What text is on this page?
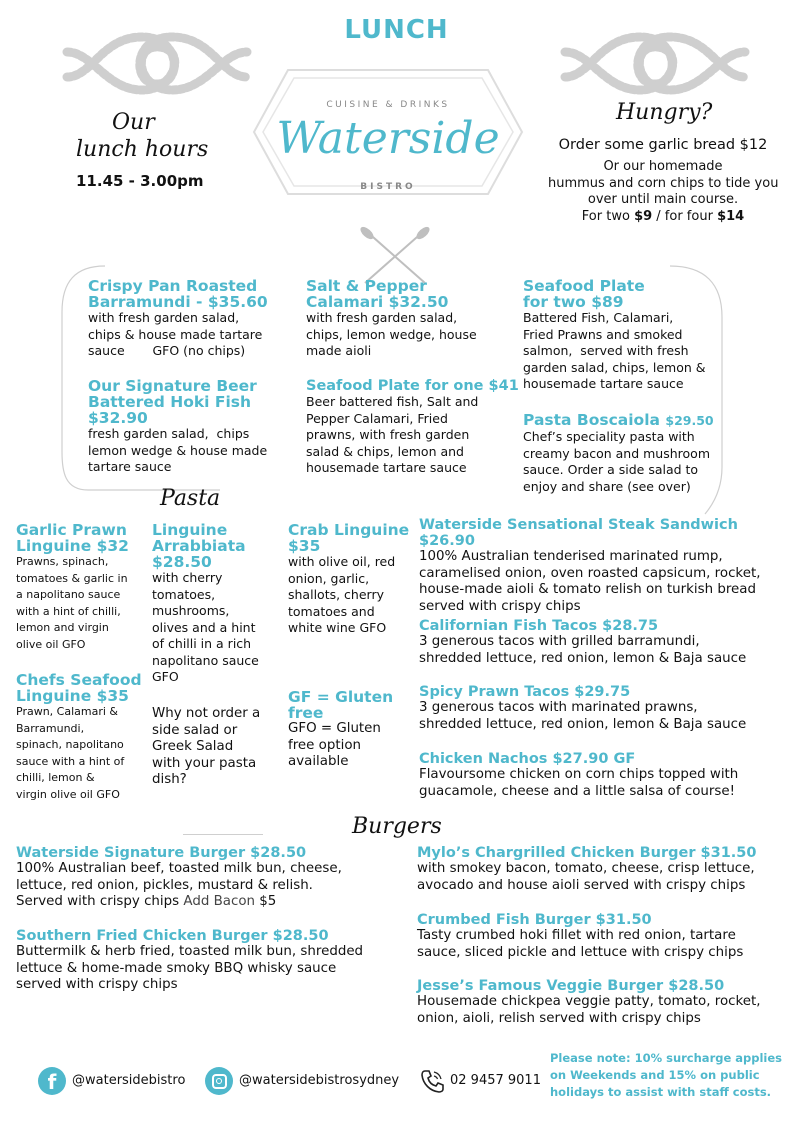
LUNCH
CUISINE & DRINKS
Waterside
BISTRO
Our
lunch hours
11.45 - 3.00pm
Hungry?
Order some garlic bread $12
Or our homemade
hummus and corn chips to tide you
over until main course.
For two $9 / for four $14
Crispy Pan Roasted
Barramundi - $35.60
with fresh garden salad,
chips & house made tartare
sauce       GFO (no chips)
Our Signature Beer
Battered Hoki Fish
$32.90
fresh garden salad,  chips
lemon wedge & house made
tartare sauce
Salt & Pepper
Calamari $32.50
with fresh garden salad,
chips, lemon wedge, house
made aioli
Seafood Plate for one $41
Beer battered fish, Salt and
Pepper Calamari, Fried
prawns, with fresh garden
salad & chips, lemon and
housemade tartare sauce
Seafood Plate
for two $89
Battered Fish, Calamari,
Fried Prawns and smoked
salmon,  served with fresh
garden salad, chips, lemon &
housemade tartare sauce
Pasta Boscaiola $29.50
Chef’s speciality pasta with
creamy bacon and mushroom
sauce. Order a side salad to
enjoy and share (see over)
Pasta
Garlic Prawn
Linguine $32
Prawns, spinach,
tomatoes & garlic in
a napolitano sauce
with a hint of chilli,
lemon and virgin
olive oil GFO
Chefs Seafood
Linguine $35
Prawn, Calamari &
Barramundi,
spinach, napolitano
sauce with a hint of
chilli, lemon &
virgin olive oil GFO
Linguine
Arrabbiata
$28.50
with cherry
tomatoes,
mushrooms,
olives and a hint
of chilli in a rich
napolitano sauce
GFO
Why not order a
side salad or
Greek Salad
with your pasta
dish?
Crab Linguine
$35
with olive oil, red
onion, garlic,
shallots, cherry
tomatoes and
white wine GFO
GF = Gluten
free
GFO = Gluten
free option
available
Waterside Sensational Steak Sandwich $26.90
100% Australian tenderised marinated rump,
caramelised onion, oven roasted capsicum, rocket,
house-made aioli & tomato relish on turkish bread
served with crispy chips
Californian Fish Tacos $28.75
3 generous tacos with grilled barramundi,
shredded lettuce, red onion, lemon & Baja sauce
Spicy Prawn Tacos $29.75
3 generous tacos with marinated prawns,
shredded lettuce, red onion, lemon & Baja sauce
Chicken Nachos $27.90 GF
Flavoursome chicken on corn chips topped with
guacamole, cheese and a little salsa of course!
Burgers
Waterside Signature Burger $28.50
100% Australian beef, toasted milk bun, cheese,
lettuce, red onion, pickles, mustard & relish.
Served with crispy chips Add Bacon $5
Southern Fried Chicken Burger $28.50
Buttermilk & herb fried, toasted milk bun, shredded
lettuce & home-made smoky BBQ whisky sauce
served with crispy chips
Mylo’s Chargrilled Chicken Burger $31.50
with smokey bacon, tomato, cheese, crisp lettuce,
avocado and house aioli served with crispy chips
Crumbed Fish Burger $31.50
Tasty crumbed hoki fillet with red onion, tartare
sauce, sliced pickle and lettuce with crispy chips
Jesse’s Famous Veggie Burger $28.50
Housemade chickpea veggie patty, tomato, rocket,
onion, aioli, relish served with crispy chips
f	@watersidebistro	@watersidebistrosydney	02 9457 9011
Please note: 10% surcharge applies
on Weekends and 15% on public
holidays to assist with staff costs.
